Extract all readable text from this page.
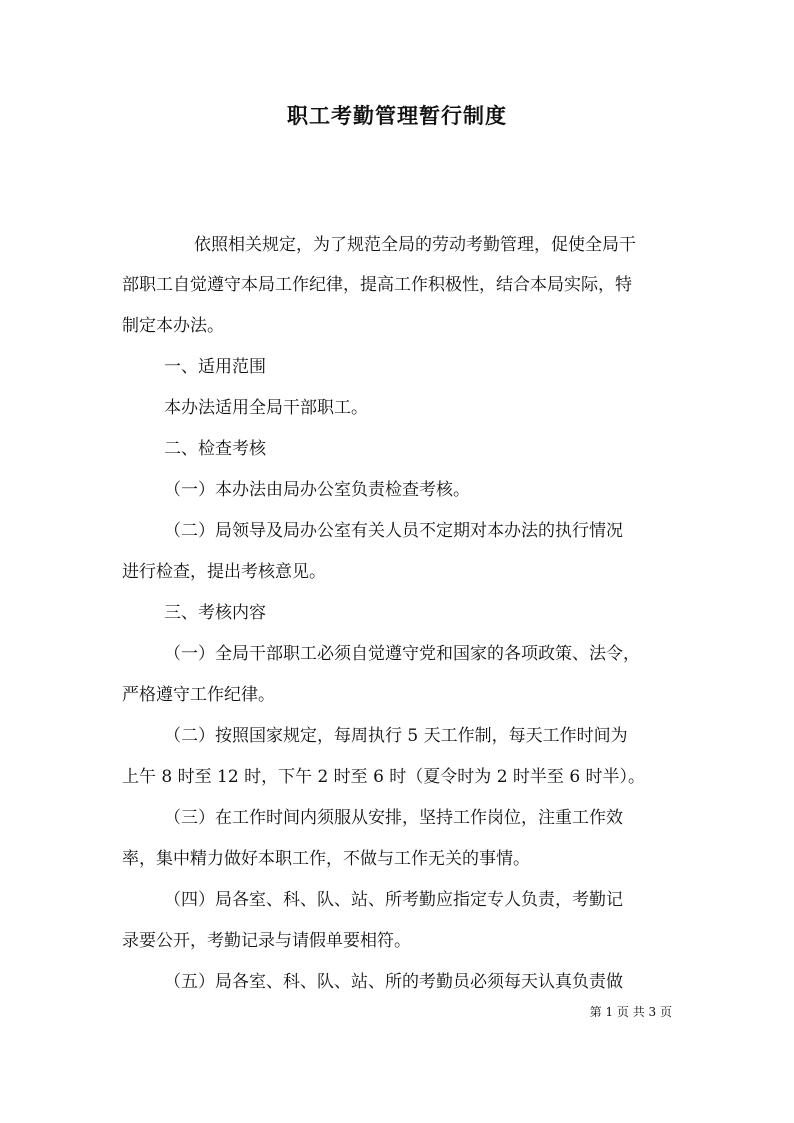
职工考勤管理暂行制度
依照相关规定，为了规范全局的劳动考勤管理，促使全局干
部职工自觉遵守本局工作纪律，提高工作积极性，结合本局实际，特
制定本办法。
一、适用范围
本办法适用全局干部职工。
二、检查考核
（一）本办法由局办公室负责检查考核。
（二）局领导及局办公室有关人员不定期对本办法的执行情况
进行检查，提出考核意见。
三、考核内容
（一）全局干部职工必须自觉遵守党和国家的各项政策、法令，
严格遵守工作纪律。
（二）按照国家规定，每周执行 5 天工作制，每天工作时间为
上午 8 时至 12 时，下午 2 时至 6 时（夏令时为 2 时半至 6 时半）。
（三）在工作时间内须服从安排，坚持工作岗位，注重工作效
率，集中精力做好本职工作，不做与工作无关的事情。
（四）局各室、科、队、站、所考勤应指定专人负责，考勤记
录要公开，考勤记录与请假单要相符。
（五）局各室、科、队、站、所的考勤员必须每天认真负责做
第 1 页 共 3 页
